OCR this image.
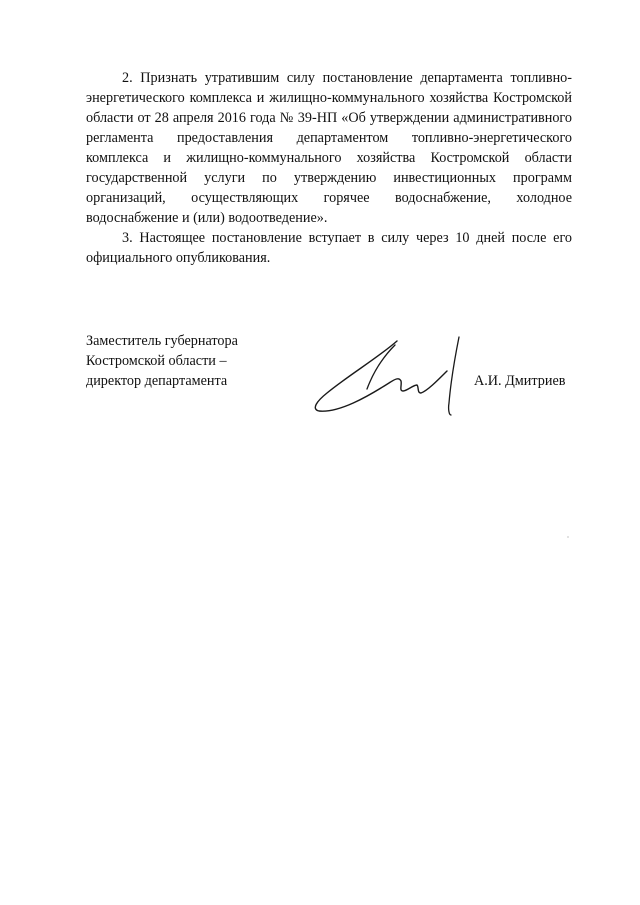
2. Признать утратившим силу постановление департамента топливно-энергетического комплекса и жилищно-коммунального хозяйства Костромской области от 28 апреля 2016 года № 39-НП «Об утверждении административного регламента предоставления департаментом топливно-энергетического комплекса и жилищно-коммунального хозяйства Костромской области государственной услуги по утверждению инвестиционных программ организаций, осуществляющих горячее водоснабжение, холодное водоснабжение и (или) водоотведение».

3. Настоящее постановление вступает в силу через 10 дней после его официального опубликования.

Заместитель губернатора
Костромской области –
директор департамента	А.И. Дмитриев
